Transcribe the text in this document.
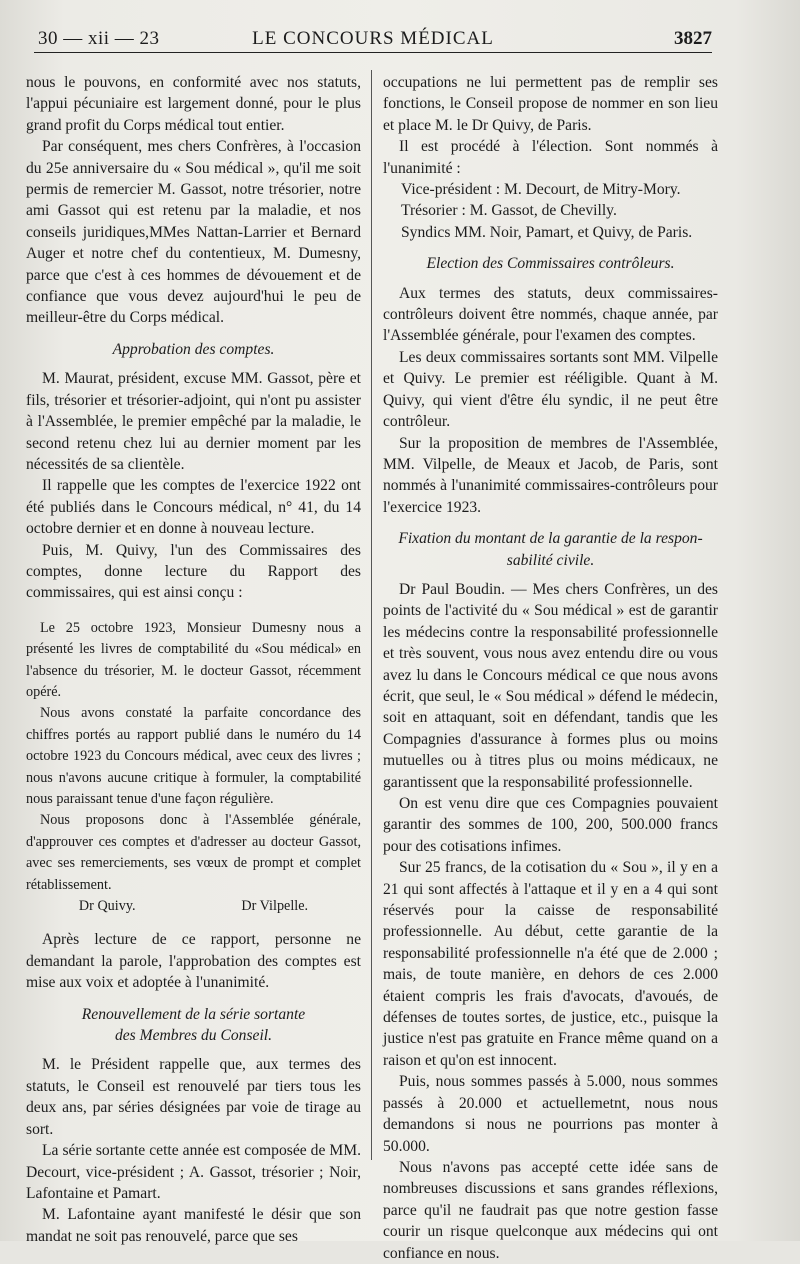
30 — xii — 23	LE CONCOURS MÉDICAL	3827

nous le pouvons, en conformité avec nos statuts, l'appui pécuniaire est largement donné, pour le plus grand profit du Corps médical tout entier.

Par conséquent, mes chers Confrères, à l'occasion du 25e anniversaire du « Sou médical », qu'il me soit permis de remercier M. Gassot, notre trésorier, notre ami Gassot qui est retenu par la maladie, et nos conseils juridiques,MMes Nattan-Larrier et Bernard Auger et notre chef du contentieux, M. Dumesny, parce que c'est à ces hommes de dévouement et de confiance que vous devez aujourd'hui le peu de meilleur-être du Corps médical.

Approbation des comptes.

M. Maurat, président, excuse MM. Gassot, père et fils, trésorier et trésorier-adjoint, qui n'ont pu assister à l'Assemblée, le premier empêché par la maladie, le second retenu chez lui au dernier moment par les nécessités de sa clientèle.

Il rappelle que les comptes de l'exercice 1922 ont été publiés dans le Concours médical, n° 41, du 14 octobre dernier et en donne à nouveau lecture.

Puis, M. Quivy, l'un des Commissaires des comptes, donne lecture du Rapport des commissaires, qui est ainsi conçu :

Le 25 octobre 1923, Monsieur Dumesny nous a présenté les livres de comptabilité du «Sou médical» en l'absence du trésorier, M. le docteur Gassot, récemment opéré.

Nous avons constaté la parfaite concordance des chiffres portés au rapport publié dans le numéro du 14 octobre 1923 du Concours médical, avec ceux des livres ; nous n'avons aucune critique à formuler, la comptabilité nous paraissant tenue d'une façon régulière.

Nous proposons donc à l'Assemblée générale, d'approuver ces comptes et d'adresser au docteur Gassot, avec ses remerciements, ses vœux de prompt et complet rétablissement.

Dr Quivy.	Dr Vilpelle.

Après lecture de ce rapport, personne ne demandant la parole, l'approbation des comptes est mise aux voix et adoptée à l'unanimité.

Renouvellement de la série sortante
des Membres du Conseil.

M. le Président rappelle que, aux termes des statuts, le Conseil est renouvelé par tiers tous les deux ans, par séries désignées par voie de tirage au sort.

La série sortante cette année est composée de MM. Decourt, vice-président ; A. Gassot, trésorier ; Noir, Lafontaine et Pamart.

M. Lafontaine ayant manifesté le désir que son mandat ne soit pas renouvelé, parce que ses

occupations ne lui permettent pas de remplir ses fonctions, le Conseil propose de nommer en son lieu et place M. le Dr Quivy, de Paris.

Il est procédé à l'élection. Sont nommés à l'unanimité :

Vice-président : M. Decourt, de Mitry-Mory.

Trésorier : M. Gassot, de Chevilly.

Syndics MM. Noir, Pamart, et Quivy, de Paris.

Election des Commissaires contrôleurs.

Aux termes des statuts, deux commissaires-contrôleurs doivent être nommés, chaque année, par l'Assemblée générale, pour l'examen des comptes.

Les deux commissaires sortants sont MM. Vilpelle et Quivy. Le premier est rééligible. Quant à M. Quivy, qui vient d'être élu syndic, il ne peut être contrôleur.

Sur la proposition de membres de l'Assemblée, MM. Vilpelle, de Meaux et Jacob, de Paris, sont nommés à l'unanimité commissaires-contrôleurs pour l'exercice 1923.

Fixation du montant de la garantie de la respon-
sabilité civile.

Dr Paul Boudin. — Mes chers Confrères, un des points de l'activité du « Sou médical » est de garantir les médecins contre la responsabilité professionnelle et très souvent, vous nous avez entendu dire ou vous avez lu dans le Concours médical ce que nous avons écrit, que seul, le « Sou médical » défend le médecin, soit en attaquant, soit en défendant, tandis que les Compagnies d'assurance à formes plus ou moins mutuelles ou à titres plus ou moins médicaux, ne garantissent que la responsabilité professionnelle.

On est venu dire que ces Compagnies pouvaient garantir des sommes de 100, 200, 500.000 francs pour des cotisations infimes.

Sur 25 francs, de la cotisation du « Sou », il y en a 21 qui sont affectés à l'attaque et il y en a 4 qui sont réservés pour la caisse de responsabilité professionnelle. Au début, cette garantie de la responsabilité professionnelle n'a été que de 2.000 ; mais, de toute manière, en dehors de ces 2.000 étaient compris les frais d'avocats, d'avoués, de défenses de toutes sortes, de justice, etc., puisque la justice n'est pas gratuite en France même quand on a raison et qu'on est innocent.

Puis, nous sommes passés à 5.000, nous sommes passés à 20.000 et actuellemetnt, nous nous demandons si nous ne pourrions pas monter à 50.000.

Nous n'avons pas accepté cette idée sans de nombreuses discussions et sans grandes réflexions, parce qu'il ne faudrait pas que notre gestion fasse courir un risque quelconque aux médecins qui ont confiance en nous.
